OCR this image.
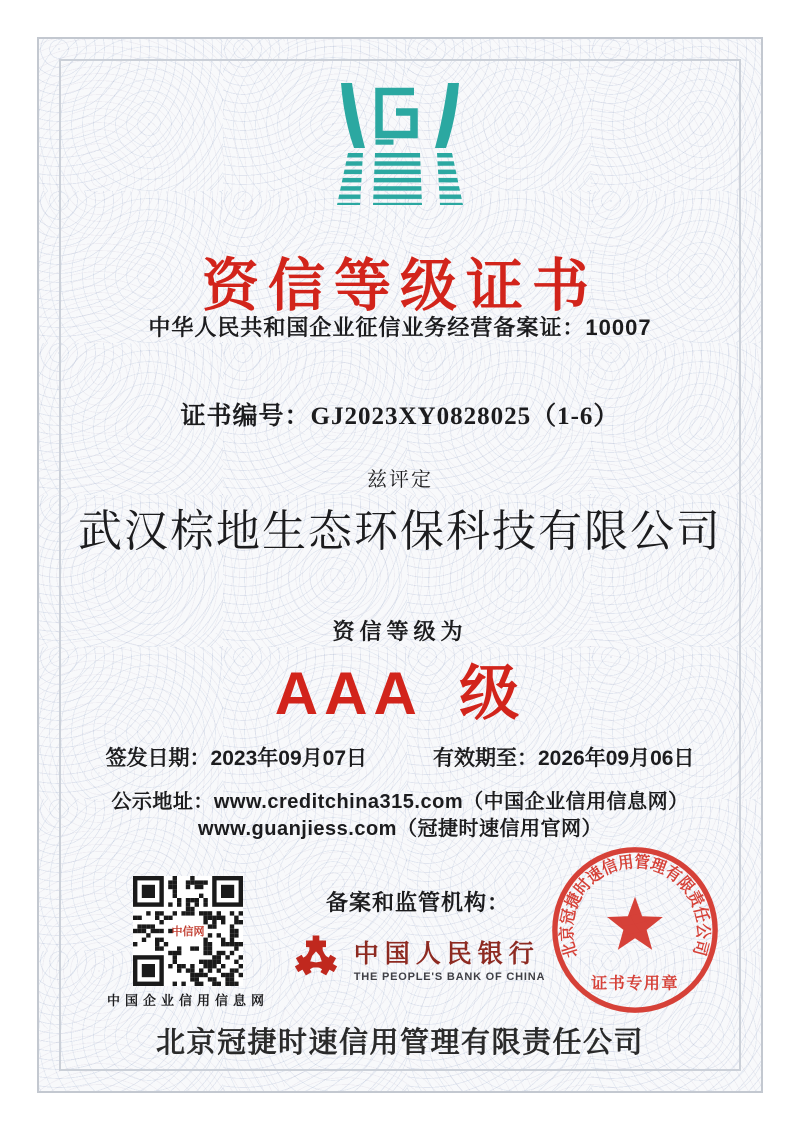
资信等级证书
中华人民共和国企业征信业务经营备案证：10007
证书编号：GJ2023XY0828025（1-6）
兹评定
武汉棕地生态环保科技有限公司
资信等级为
AAA 级
签发日期：2023年09月07日	有效期至：2026年09月06日
公示地址：www.creditchina315.com（中国企业信用信息网）
www.guanjiess.com（冠捷时速信用官网）
中信网
中国企业信用信息网
备案和监管机构：
中国人民银行
THE PEOPLE'S BANK OF CHINA
北京冠捷时速信用管理有限责任公司
证书专用章
北京冠捷时速信用管理有限责任公司
